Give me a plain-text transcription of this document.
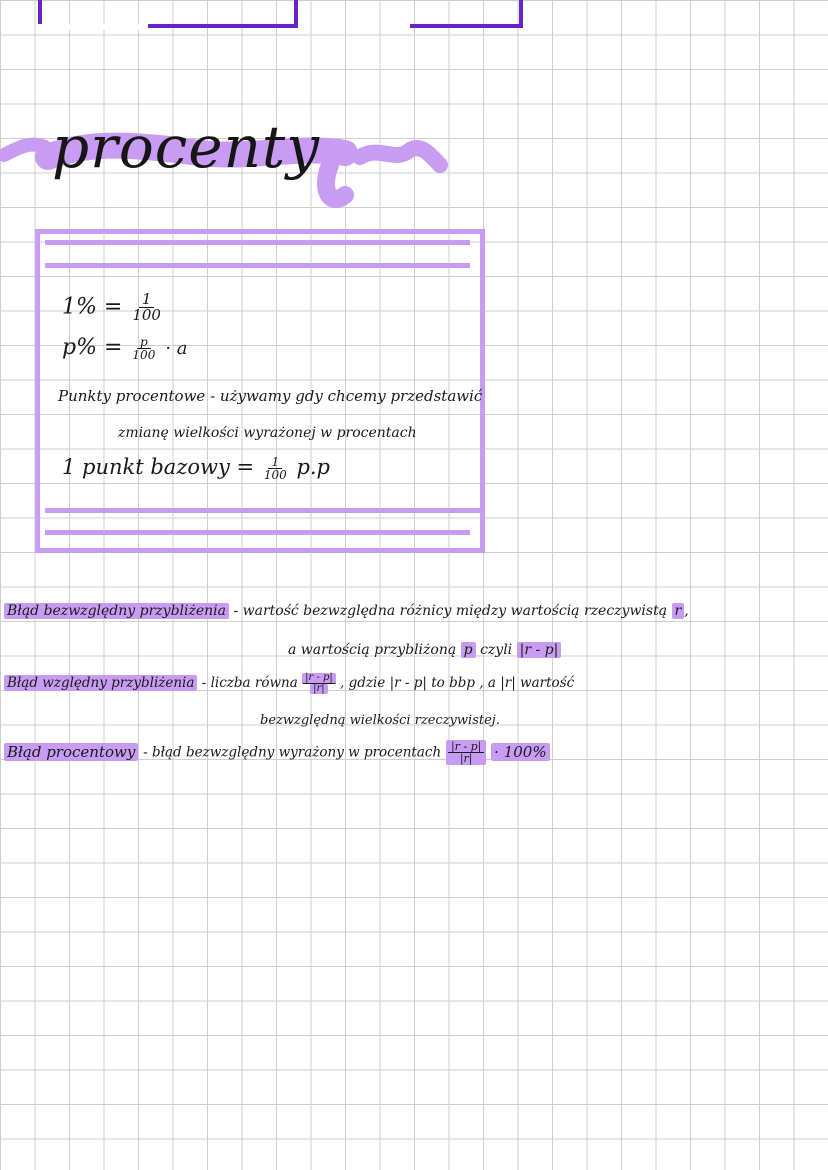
procenty
$1\% = \frac{1}{100}$
$p\% = \frac{p}{100} \cdot a$
Punkty procentowe - używamy gdy chcemy przedstawić
zmianę wielkości wyrażonej w procentach
1 punkt bazowy = $\frac{1}{100} p.p$
Błąd bezwzględny przybliżenia - wartość bezwzględna różnicy między wartością rzeczywistą r ,
a wartością przybliżoną p czyli |r - p|
Błąd względny przybliżenia - liczba równa $\frac{|r - p|}{|r|}$ , gdzie |r - p| to bbp , a |r| wartość
bezwzględną wielkości rzeczywistej.
Błąd procentowy - błąd bezwzględny wyrażony w procentach $\frac{|r - p|}{|r|} \cdot 100\%$
